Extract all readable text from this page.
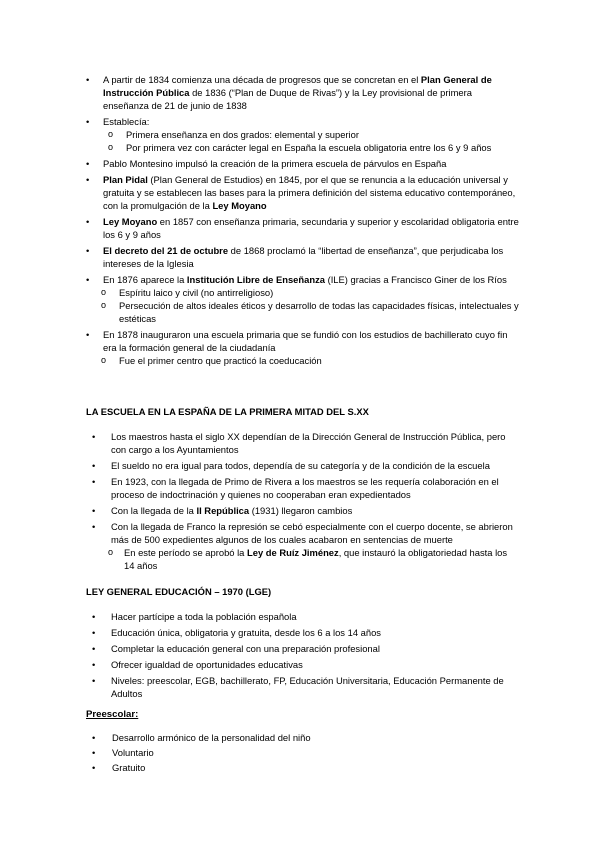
• A partir de 1834 comienza una década de progresos que se concretan en el Plan General de Instrucción Pública de 1836 (“Plan de Duque de Rivas”) y la Ley provisional de primera enseñanza de 21 de junio de 1838
• Establecía:
o Primera enseñanza en dos grados: elemental y superior
o Por primera vez con carácter legal en España la escuela obligatoria entre los 6 y 9 años
• Pablo Montesino impulsó la creación de la primera escuela de párvulos en España
• Plan Pidal (Plan General de Estudios) en 1845, por el que se renuncia a la educación universal y gratuita y se establecen las bases para la primera definición del sistema educativo contemporáneo, con la promulgación de la Ley Moyano
• Ley Moyano en 1857 con enseñanza primaria, secundaria y superior y escolaridad obligatoria entre los 6 y 9 años
• El decreto del 21 de octubre de 1868 proclamó la “libertad de enseñanza”, que perjudicaba los intereses de la Iglesia
• En 1876 aparece la Institución Libre de Enseñanza (ILE) gracias a Francisco Giner de los Ríos
o Espíritu laico y civil (no antirreligioso)
o Persecución de altos ideales éticos y desarrollo de todas las capacidades físicas, intelectuales y estéticas
• En 1878 inauguraron una escuela primaria que se fundió con los estudios de bachillerato cuyo fin era la formación general de la ciudadanía
o Fue el primer centro que practicó la coeducación
LA ESCUELA EN LA ESPAÑA DE LA PRIMERA MITAD DEL S.XX
• Los maestros hasta el siglo XX dependían de la Dirección General de Instrucción Pública, pero con cargo a los Ayuntamientos
• El sueldo no era igual para todos, dependía de su categoría y de la condición de la escuela
• En 1923, con la llegada de Primo de Rivera a los maestros se les requería colaboración en el proceso de indoctrinación y quienes no cooperaban eran expedientados
• Con la llegada de la II República (1931) llegaron cambios
• Con la llegada de Franco la represión se cebó especialmente con el cuerpo docente, se abrieron más de 500 expedientes algunos de los cuales acabaron en sentencias de muerte
o En este período se aprobó la Ley de Ruíz Jiménez, que instauró la obligatoriedad hasta los 14 años
LEY GENERAL EDUCACIÓN – 1970 (LGE)
• Hacer partícipe a toda la población española
• Educación única, obligatoria y gratuita, desde los 6 a los 14 años
• Completar la educación general con una preparación profesional
• Ofrecer igualdad de oportunidades educativas
• Niveles: preescolar, EGB, bachillerato, FP, Educación Universitaria, Educación Permanente de Adultos
Preescolar:
• Desarrollo armónico de la personalidad del niño
• Voluntario
• Gratuito
